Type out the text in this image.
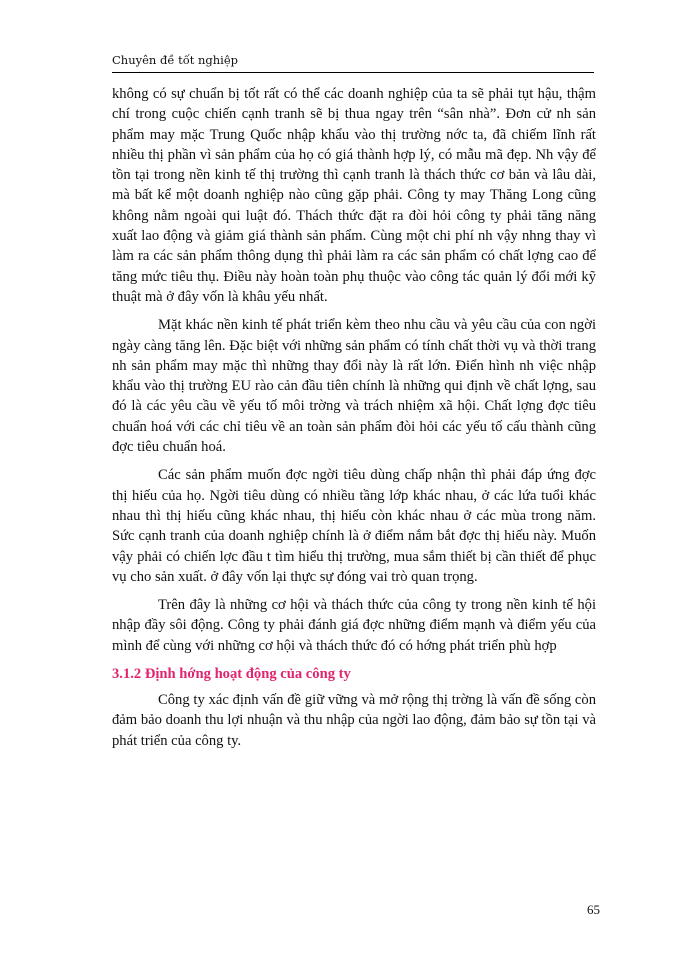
Chuyên đề tốt nghiệp

không có sự chuẩn bị tốt rất có thể các doanh nghiệp của ta sẽ phải tụt hậu, thậm chí trong cuộc chiến cạnh tranh sẽ bị thua ngay trên “sân nhà”. Đơn cử nh sản phẩm may mặc Trung Quốc nhập khẩu vào thị trường nớc ta, đã chiếm lĩnh rất nhiều thị phần vì sản phẩm của họ có giá thành hợp lý, có mẫu mã đẹp. Nh vậy để tồn tại trong nền kinh tế thị trường thì cạnh tranh là thách thức cơ bản và lâu dài, mà bất kể một doanh nghiệp nào cũng gặp phải. Công ty may Thăng Long cũng không nằm ngoài qui luật đó. Thách thức đặt ra đòi hỏi công ty phải tăng năng xuất lao động và giảm giá thành sản phẩm. Cùng một chi phí nh vậy nhng thay vì làm ra các sản phẩm thông dụng thì phải làm ra các sản phẩm có chất lợng cao để tăng mức tiêu thụ. Điều này hoàn toàn phụ thuộc vào công tác quản lý đổi mới kỹ thuật mà ở đây vốn là khâu yếu nhất.

Mặt khác nền kinh tế phát triển kèm theo nhu cầu và yêu cầu của con ngời ngày càng tăng lên. Đặc biệt với những sản phẩm có tính chất thời vụ và thời trang nh sản phẩm may mặc thì những thay đổi này là rất lớn. Điển hình nh việc nhập khẩu vào thị trường EU rào cản đầu tiên chính là những qui định về chất lợng, sau đó là các yêu cầu về yếu tố môi trờng và trách nhiệm xã hội. Chất lợng đợc tiêu chuẩn hoá với các chỉ tiêu về an toàn sản phẩm đòi hỏi các yếu tố cấu thành cũng đợc tiêu chuẩn hoá.

Các sản phẩm muốn đợc ngời tiêu dùng chấp nhận thì phải đáp ứng đợc thị hiếu của họ. Ngời tiêu dùng có nhiều tầng lớp khác nhau, ở các lứa tuổi khác nhau thì thị hiếu cũng khác nhau, thị hiếu còn khác nhau ở các mùa trong năm. Sức cạnh tranh của doanh nghiệp chính là ở điểm nắm bắt đợc thị hiếu này. Muốn vậy phải có chiến lợc đầu t tìm hiểu thị trường, mua sắm thiết bị cần thiết để phục vụ cho sản xuất. ở đây vốn lại thực sự đóng vai trò quan trọng.

Trên đây là những cơ hội và thách thức của công ty trong nền kinh tế hội nhập đầy sôi động. Công ty phải đánh giá đợc những điểm mạnh và điểm yếu của mình để cùng với những cơ hội và thách thức đó có hớng phát triển phù hợp

3.1.2 Định hớng hoạt động của công ty

Công ty xác định vấn đề giữ vững và mở rộng thị trờng là vấn đề sống còn đảm bảo doanh thu lợi nhuận và thu nhập của ngời lao động, đảm bảo sự tồn tại và phát triển của công ty.

65
